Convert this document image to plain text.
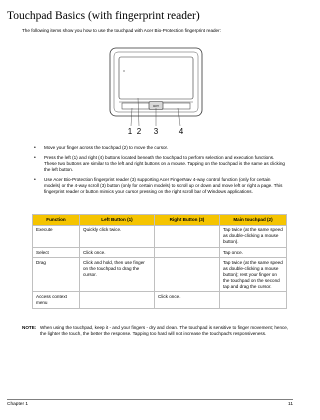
Touchpad Basics (with fingerprint reader)
The following items show you how to use the touchpad with Acer Bio-Protection fingerprint reader:
acer
1 2 3	4
• Move your finger across the touchpad (2) to move the cursor.
• Press the left (1) and right (4) buttons located beneath the touchpad to perform selection and execution functions. These two buttons are similar to the left and right buttons on a mouse. Tapping on the touchpad is the same as clicking the left button.
• Use Acer Bio-Protection fingerprint reader (3) supporting Acer FingerNav 4-way control function (only for certain models) or the 4-way scroll (3) button (only for certain models) to scroll up or down and move left or right a page. This fingerprint reader or button mimics your cursor pressing on the right scroll bar of Windows applications.
Function	Left Button (1)	Right Button (3)	Main touchpad (2)
Execute	Quickly click twice.		Tap twice (at the same speed as double-clicking a mouse button).
Select	Click once.		Tap once.
Drag	Click and hold, then use finger on the touchpad to drag the cursor.		Tap twice (at the same speed as double-clicking a mouse button); rest your finger on the touchpad on the second tap and drag the cursor.
Access context menu		Click once.	
NOTE: When using the touchpad, keep it - and your fingers - dry and clean. The touchpad is sensitive to finger movement; hence, the lighter the touch, the better the response. Tapping too hard will not increase the touchpad's responsiveness.
Chapter 1	11
